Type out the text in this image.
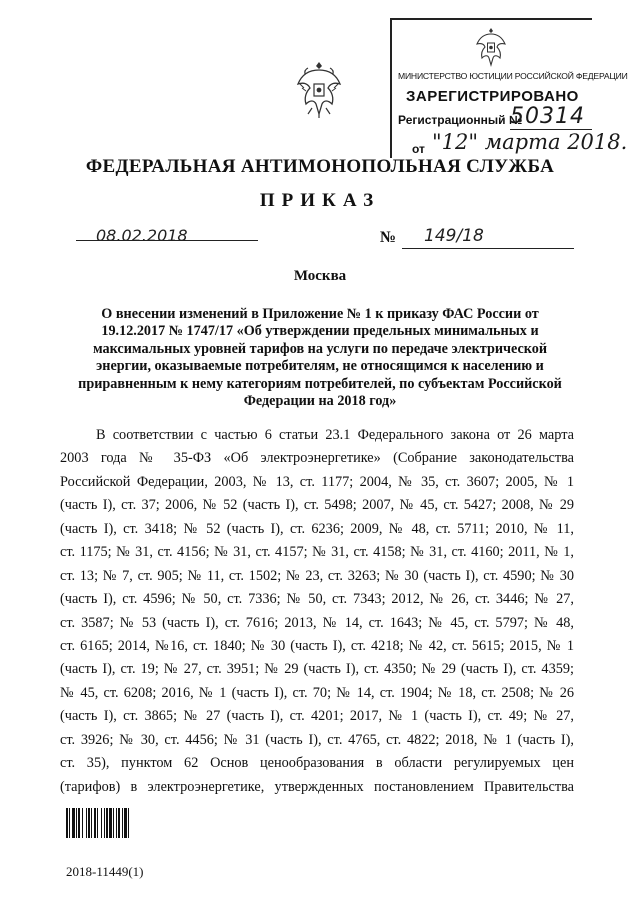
МИНИСТЕРСТВО ЮСТИЦИИ РОССИЙСКОЙ ФЕДЕРАЦИИ
ЗАРЕГИСТРИРОВАНО
Регистрационный №
50314
от "12" марта 2018.
ФЕДЕРАЛЬНАЯ АНТИМОНОПОЛЬНАЯ СЛУЖБА
ПРИКАЗ
08.02.2018	№ 149/18
Москва
О внесении изменений в Приложение № 1 к приказу ФАС России от
19.12.2017 № 1747/17 «Об утверждении предельных минимальных и
максимальных уровней тарифов на услуги по передаче электрической
энергии, оказываемые потребителям, не относящимся к населению и
приравненным к нему категориям потребителей, по субъектам Российской
Федерации на 2018 год»
В соответствии с частью 6 статьи 23.1 Федерального закона от 26 марта
2003 года № 35-ФЗ «Об электроэнергетике» (Собрание законодательства
Российской Федерации, 2003, № 13, ст. 1177; 2004, № 35, ст. 3607; 2005, № 1
(часть I), ст. 37; 2006, № 52 (часть I), ст. 5498; 2007, № 45, ст. 5427; 2008, № 29
(часть I), ст. 3418; № 52 (часть I), ст. 6236; 2009, № 48, ст. 5711; 2010, № 11,
ст. 1175; № 31, ст. 4156; № 31, ст. 4157; № 31, ст. 4158; № 31, ст. 4160; 2011, № 1,
ст. 13; № 7, ст. 905; № 11, ст. 1502; № 23, ст. 3263; № 30 (часть I), ст. 4590; № 30
(часть I), ст. 4596; № 50, ст. 7336; № 50, ст. 7343; 2012, № 26, ст. 3446; № 27,
ст. 3587; № 53 (часть I), ст. 7616; 2013, № 14, ст. 1643; № 45, ст. 5797; № 48,
ст. 6165; 2014, №16, ст. 1840; № 30 (часть I), ст. 4218; № 42, ст. 5615; 2015, № 1
(часть I), ст. 19; № 27, ст. 3951; № 29 (часть I), ст. 4350; № 29 (часть I), ст. 4359;
№ 45, ст. 6208; 2016, № 1 (часть I), ст. 70; № 14, ст. 1904; № 18, ст. 2508; № 26
(часть I), ст. 3865; № 27 (часть I), ст. 4201; 2017, № 1 (часть I), ст. 49; № 27,
ст. 3926; № 30, ст. 4456; № 31 (часть I), ст. 4765, ст. 4822; 2018, № 1 (часть I),
ст. 35), пунктом 62 Основ ценообразования в области регулируемых цен
(тарифов) в электроэнергетике, утвержденных постановлением Правительства
2018-11449(1)
